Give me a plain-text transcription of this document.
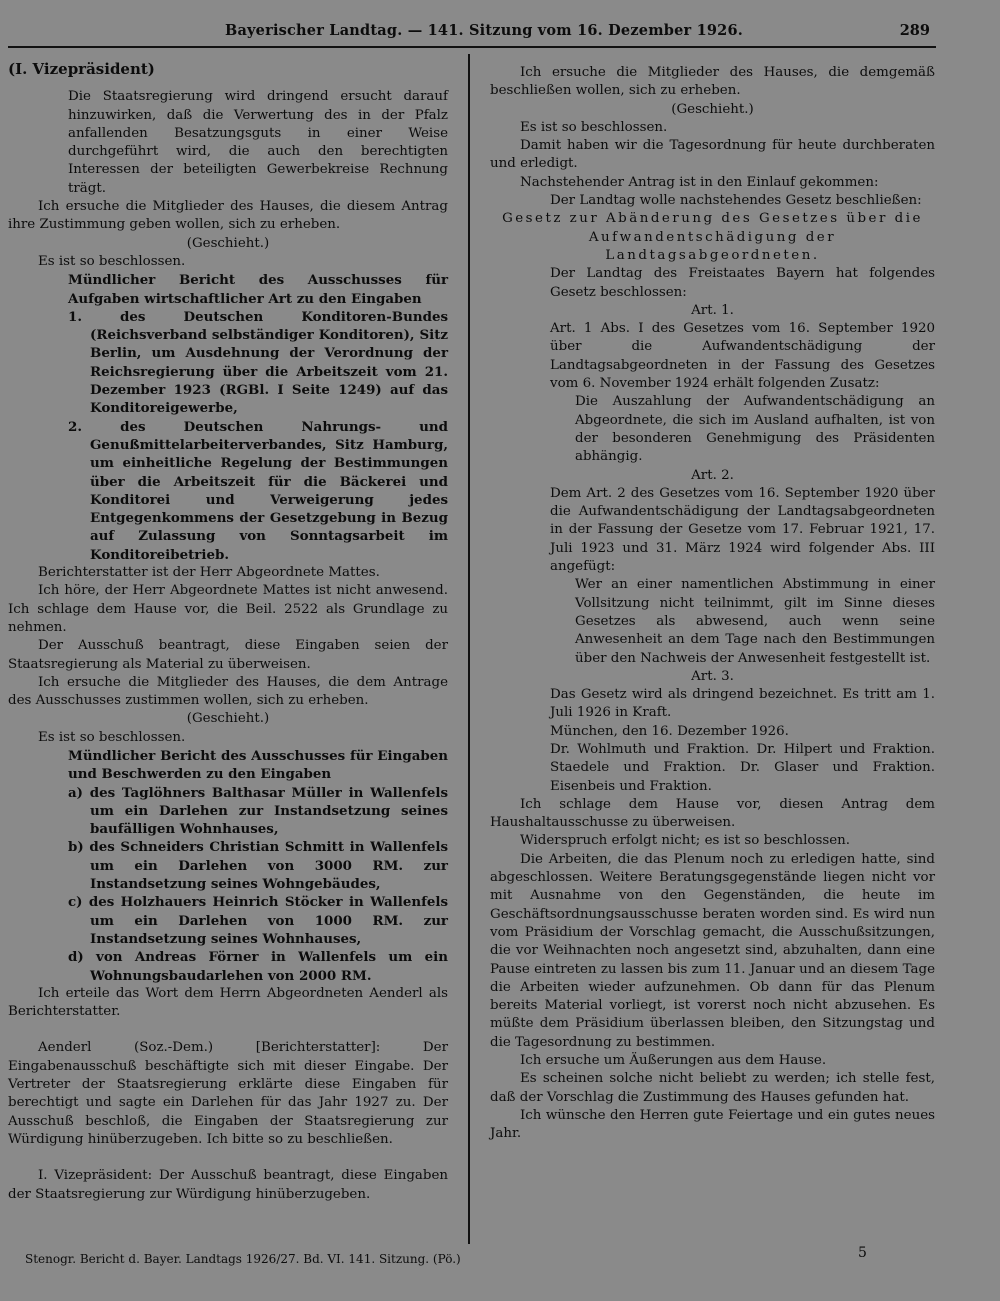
Bayerischer Landtag. — 141. Sitzung vom 16. Dezember 1926.	289

(I. Vizepräsident)

Die Staatsregierung wird dringend ersucht darauf hinzuwirken, daß die Verwertung des in der Pfalz anfallenden Besatzungsguts in einer Weise durchgeführt wird, die auch den berechtigten Interessen der beteiligten Gewerbekreise Rechnung trägt.

Ich ersuche die Mitglieder des Hauses, die diesem Antrag ihre Zustimmung geben wollen, sich zu erheben.

(Geschieht.)

Es ist so beschlossen.

Mündlicher Bericht des Ausschusses für Aufgaben wirtschaftlicher Art zu den Eingaben

1. des Deutschen Konditoren-Bundes (Reichsverband selbständiger Konditoren), Sitz Berlin, um Ausdehnung der Verordnung der Reichsregierung über die Arbeitszeit vom 21. Dezember 1923 (RGBl. I Seite 1249) auf das Konditoreigewerbe,

2. des Deutschen Nahrungs- und Genußmittelarbeiterverbandes, Sitz Hamburg, um einheitliche Regelung der Bestimmungen über die Arbeitszeit für die Bäckerei und Konditorei und Verweigerung jedes Entgegenkommens der Gesetzgebung in Bezug auf Zulassung von Sonntagsarbeit im Konditoreibetrieb.

Berichterstatter ist der Herr Abgeordnete Mattes.

Ich höre, der Herr Abgeordnete Mattes ist nicht anwesend. Ich schlage dem Hause vor, die Beil. 2522 als Grundlage zu nehmen.

Der Ausschuß beantragt, diese Eingaben seien der Staatsregierung als Material zu überweisen.

Ich ersuche die Mitglieder des Hauses, die dem Antrage des Ausschusses zustimmen wollen, sich zu erheben.

(Geschieht.)

Es ist so beschlossen.

Mündlicher Bericht des Ausschusses für Eingaben und Beschwerden zu den Eingaben

a) des Taglöhners Balthasar Müller in Wallenfels um ein Darlehen zur Instandsetzung seines baufälligen Wohnhauses,

b) des Schneiders Christian Schmitt in Wallenfels um ein Darlehen von 3000 RM. zur Instandsetzung seines Wohngebäudes,

c) des Holzhauers Heinrich Stöcker in Wallenfels um ein Darlehen von 1000 RM. zur Instandsetzung seines Wohnhauses,

d) von Andreas Förner in Wallenfels um ein Wohnungsbaudarlehen von 2000 RM.

Ich erteile das Wort dem Herrn Abgeordneten Aenderl als Berichterstatter.

Aenderl (Soz.-Dem.) [Berichterstatter]: Der Eingabenausschuß beschäftigte sich mit dieser Eingabe. Der Vertreter der Staatsregierung erklärte diese Eingaben für berechtigt und sagte ein Darlehen für das Jahr 1927 zu. Der Ausschuß beschloß, die Eingaben der Staatsregierung zur Würdigung hinüberzugeben. Ich bitte so zu beschließen.

I. Vizepräsident: Der Ausschuß beantragt, diese Eingaben der Staatsregierung zur Würdigung hinüberzugeben.

Ich ersuche die Mitglieder des Hauses, die demgemäß beschließen wollen, sich zu erheben.

(Geschieht.)

Es ist so beschlossen.

Damit haben wir die Tagesordnung für heute durchberaten und erledigt.

Nachstehender Antrag ist in den Einlauf gekommen:

Der Landtag wolle nachstehendes Gesetz beschließen:

Gesetz zur Abänderung des Gesetzes über die Aufwandentschädigung der Landtagsabgeordneten.

Der Landtag des Freistaates Bayern hat folgendes Gesetz beschlossen:

Art. 1.

Art. 1 Abs. I des Gesetzes vom 16. September 1920 über die Aufwandentschädigung der Landtagsabgeordneten in der Fassung des Gesetzes vom 6. November 1924 erhält folgenden Zusatz:

Die Auszahlung der Aufwandentschädigung an Abgeordnete, die sich im Ausland aufhalten, ist von der besonderen Genehmigung des Präsidenten abhängig.

Art. 2.

Dem Art. 2 des Gesetzes vom 16. September 1920 über die Aufwandentschädigung der Landtagsabgeordneten in der Fassung der Gesetze vom 17. Februar 1921, 17. Juli 1923 und 31. März 1924 wird folgender Abs. III angefügt:

Wer an einer namentlichen Abstimmung in einer Vollsitzung nicht teilnimmt, gilt im Sinne dieses Gesetzes als abwesend, auch wenn seine Anwesenheit an dem Tage nach den Bestimmungen über den Nachweis der Anwesenheit festgestellt ist.

Art. 3.

Das Gesetz wird als dringend bezeichnet. Es tritt am 1. Juli 1926 in Kraft.

München, den 16. Dezember 1926.

Dr. Wohlmuth und Fraktion. Dr. Hilpert und Fraktion. Staedele und Fraktion. Dr. Glaser und Fraktion. Eisenbeis und Fraktion.

Ich schlage dem Hause vor, diesen Antrag dem Haushaltausschusse zu überweisen.

Widerspruch erfolgt nicht; es ist so beschlossen.

Die Arbeiten, die das Plenum noch zu erledigen hatte, sind abgeschlossen. Weitere Beratungsgegenstände liegen nicht vor mit Ausnahme von den Gegenständen, die heute im Geschäftsordnungsausschusse beraten worden sind. Es wird nun vom Präsidium der Vorschlag gemacht, die Ausschußsitzungen, die vor Weihnachten noch angesetzt sind, abzuhalten, dann eine Pause eintreten zu lassen bis zum 11. Januar und an diesem Tage die Arbeiten wieder aufzunehmen. Ob dann für das Plenum bereits Material vorliegt, ist vorerst noch nicht abzusehen. Es müßte dem Präsidium überlassen bleiben, den Sitzungstag und die Tagesordnung zu bestimmen.

Ich ersuche um Äußerungen aus dem Hause.

Es scheinen solche nicht beliebt zu werden; ich stelle fest, daß der Vorschlag die Zustimmung des Hauses gefunden hat.

Ich wünsche den Herren gute Feiertage und ein gutes neues Jahr.

Stenogr. Bericht d. Bayer. Landtags 1926/27. Bd. VI. 141. Sitzung. (Pö.)	5
